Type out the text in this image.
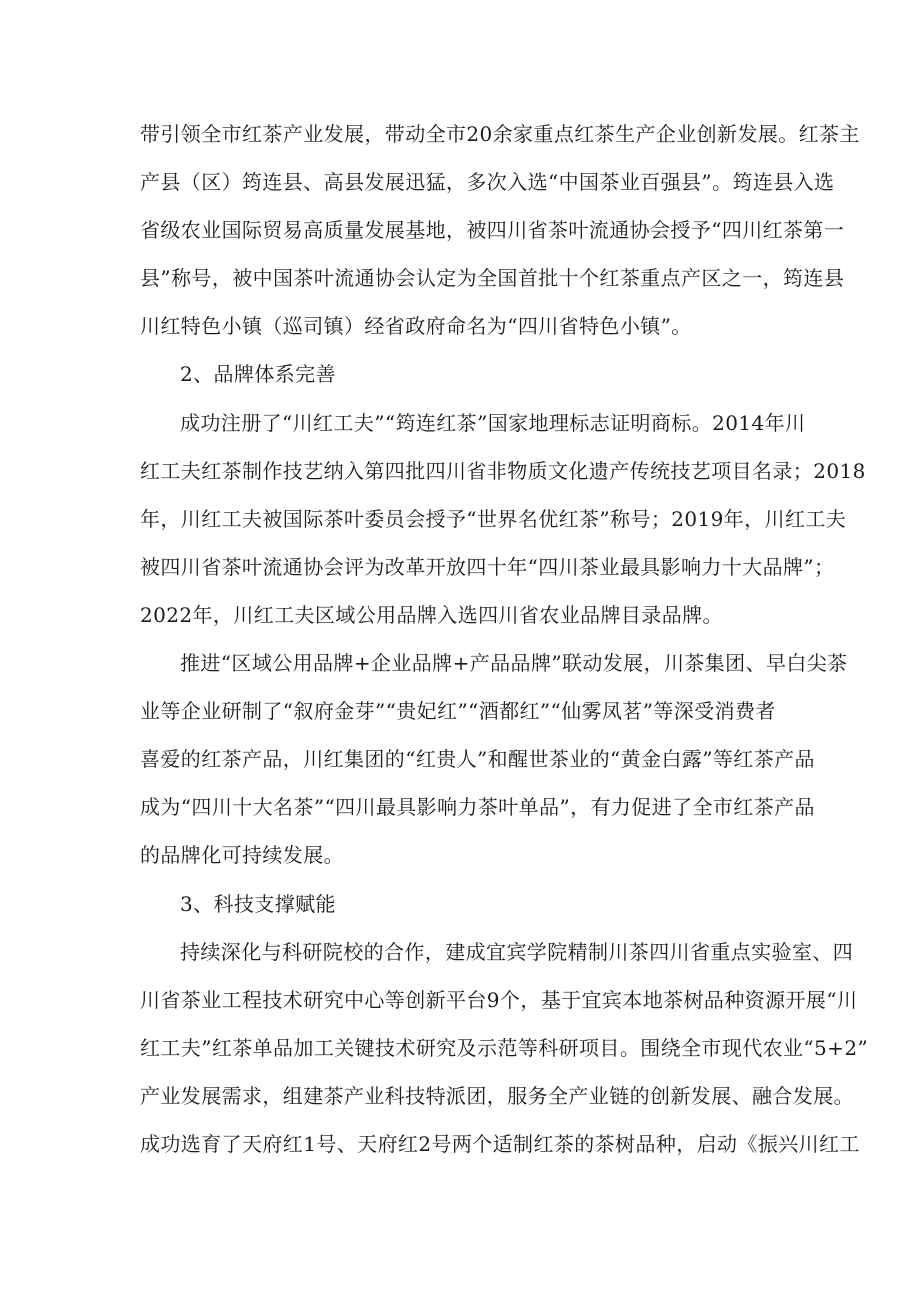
带引领全市红茶产业发展，带动全市20余家重点红茶生产企业创新发展。红茶主
产县（区）筠连县、高县发展迅猛，多次入选“中国茶业百强县”。筠连县入选
省级农业国际贸易高质量发展基地，被四川省茶叶流通协会授予“四川红茶第一
县”称号，被中国茶叶流通协会认定为全国首批十个红茶重点产区之一，筠连县
川红特色小镇（巡司镇）经省政府命名为“四川省特色小镇”。
2、品牌体系完善
成功注册了“川红工夫”“筠连红茶”国家地理标志证明商标。2014年川
红工夫红茶制作技艺纳入第四批四川省非物质文化遗产传统技艺项目名录；2018
年，川红工夫被国际茶叶委员会授予“世界名优红茶”称号；2019年，川红工夫
被四川省茶叶流通协会评为改革开放四十年“四川茶业最具影响力十大品牌”；
2022年，川红工夫区域公用品牌入选四川省农业品牌目录品牌。
推进“区域公用品牌+企业品牌+产品品牌”联动发展，川茶集团、早白尖茶
业等企业研制了“叙府金芽”“贵妃红”“酒都红”“仙雾凤茗”等深受消费者
喜爱的红茶产品，川红集团的“红贵人”和醒世茶业的“黄金白露”等红茶产品
成为“四川十大名茶”“四川最具影响力茶叶单品”，有力促进了全市红茶产品
的品牌化可持续发展。
3、科技支撑赋能
持续深化与科研院校的合作，建成宜宾学院精制川茶四川省重点实验室、四
川省茶业工程技术研究中心等创新平台9个，基于宜宾本地茶树品种资源开展“川
红工夫”红茶单品加工关键技术研究及示范等科研项目。围绕全市现代农业“5+2”
产业发展需求，组建茶产业科技特派团，服务全产业链的创新发展、融合发展。
成功选育了天府红1号、天府红2号两个适制红茶的茶树品种，启动《振兴川红工
